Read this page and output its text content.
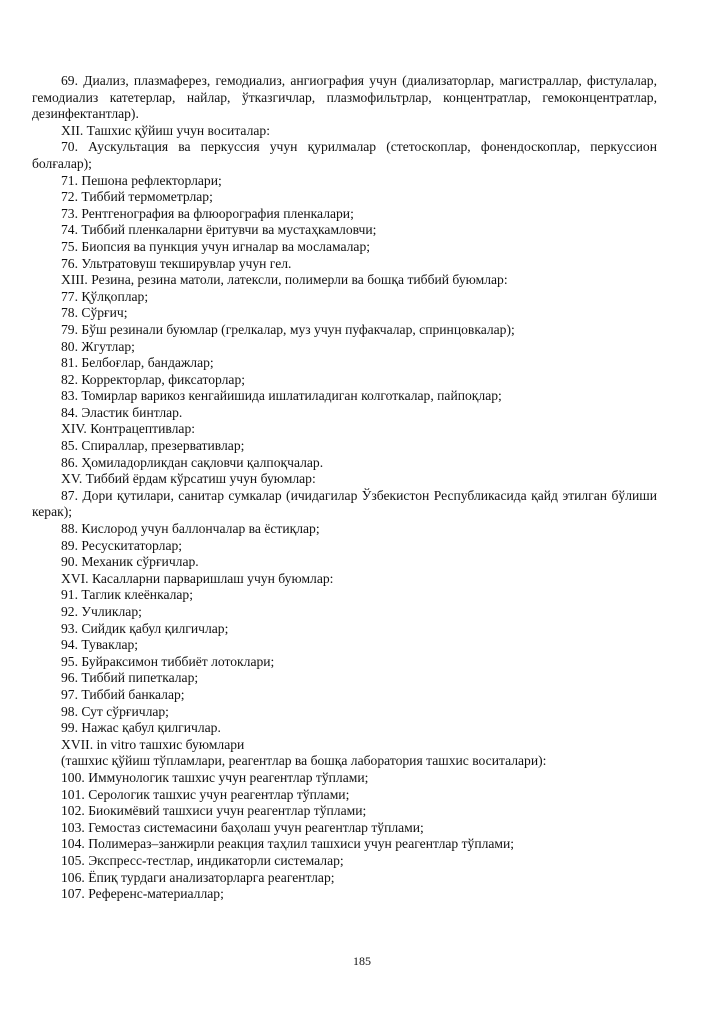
69. Диализ, плазмаферез, гемодиализ, ангиография учун (диализаторлар, магистраллар, фистулалар, гемодиализ катетерлар, найлар, ўтказгичлар, плазмофильтрлар, концентратлар, гемоконцентратлар, дезинфектантлар).

XII. Ташхис қўйиш учун воситалар:

70. Аускультация ва перкуссия учун қурилмалар (стетоскоплар, фонендоскоплар, перкуссион болғалар);

71. Пешона рефлекторлари;

72. Тиббий термометрлар;

73. Рентгенография ва флюорография пленкалари;

74. Тиббий пленкаларни ёритувчи ва мустаҳкамловчи;

75. Биопсия ва пункция учун игналар ва мосламалар;

76. Ультратовуш текширувлар учун гел.

XIII. Резина, резина матоли, латексли, полимерли ва бошқа тиббий буюмлар:

77. Қўлқоплар;

78. Сўрғич;

79. Бўш резинали буюмлар (грелкалар, муз учун пуфакчалар, спринцовкалар);

80. Жгутлар;

81. Белбоғлар, бандажлар;

82. Корректорлар, фиксаторлар;

83. Томирлар варикоз кенгайишида ишлатиладиган колготкалар, пайпоқлар;

84. Эластик бинтлар.

XIV. Контрацептивлар:

85. Спираллар, презервативлар;

86. Ҳомиладорликдан сақловчи қалпоқчалар.

XV. Тиббий ёрдам кўрсатиш учун буюмлар:

87. Дори қутилари, санитар сумкалар (ичидагилар Ўзбекистон Республикасида қайд этилган бўлиши керак);

88. Кислород учун баллончалар ва ёстиқлар;

89. Ресускитаторлар;

90. Механик сўрғичлар.

XVI. Касалларни парваришлаш учун буюмлар:

91. Таглик клеёнкалар;

92. Учликлар;

93. Сийдик қабул қилгичлар;

94. Туваклар;

95. Буйраксимон тиббиёт лотоклари;

96. Тиббий пипеткалар;

97. Тиббий банкалар;

98. Сут сўрғичлар;

99. Нажас қабул қилгичлар.

XVII. in vitro ташхис буюмлари

(ташхис қўйиш тўпламлари, реагентлар ва бошқа лаборатория ташхис воситалари):

100. Иммунологик ташхис учун реагентлар тўплами;

101. Серологик ташхис учун реагентлар тўплами;

102. Биокимёвий ташхиси учун реагентлар тўплами;

103. Гемостаз системасини баҳолаш учун реагентлар тўплами;

104. Полимераз–занжирли реакция таҳлил ташхиси учун реагентлар тўплами;

105. Экспресс-тестлар, индикаторли системалар;

106. Ёпиқ турдаги анализаторларга реагентлар;

107. Референс-материаллар;

185
